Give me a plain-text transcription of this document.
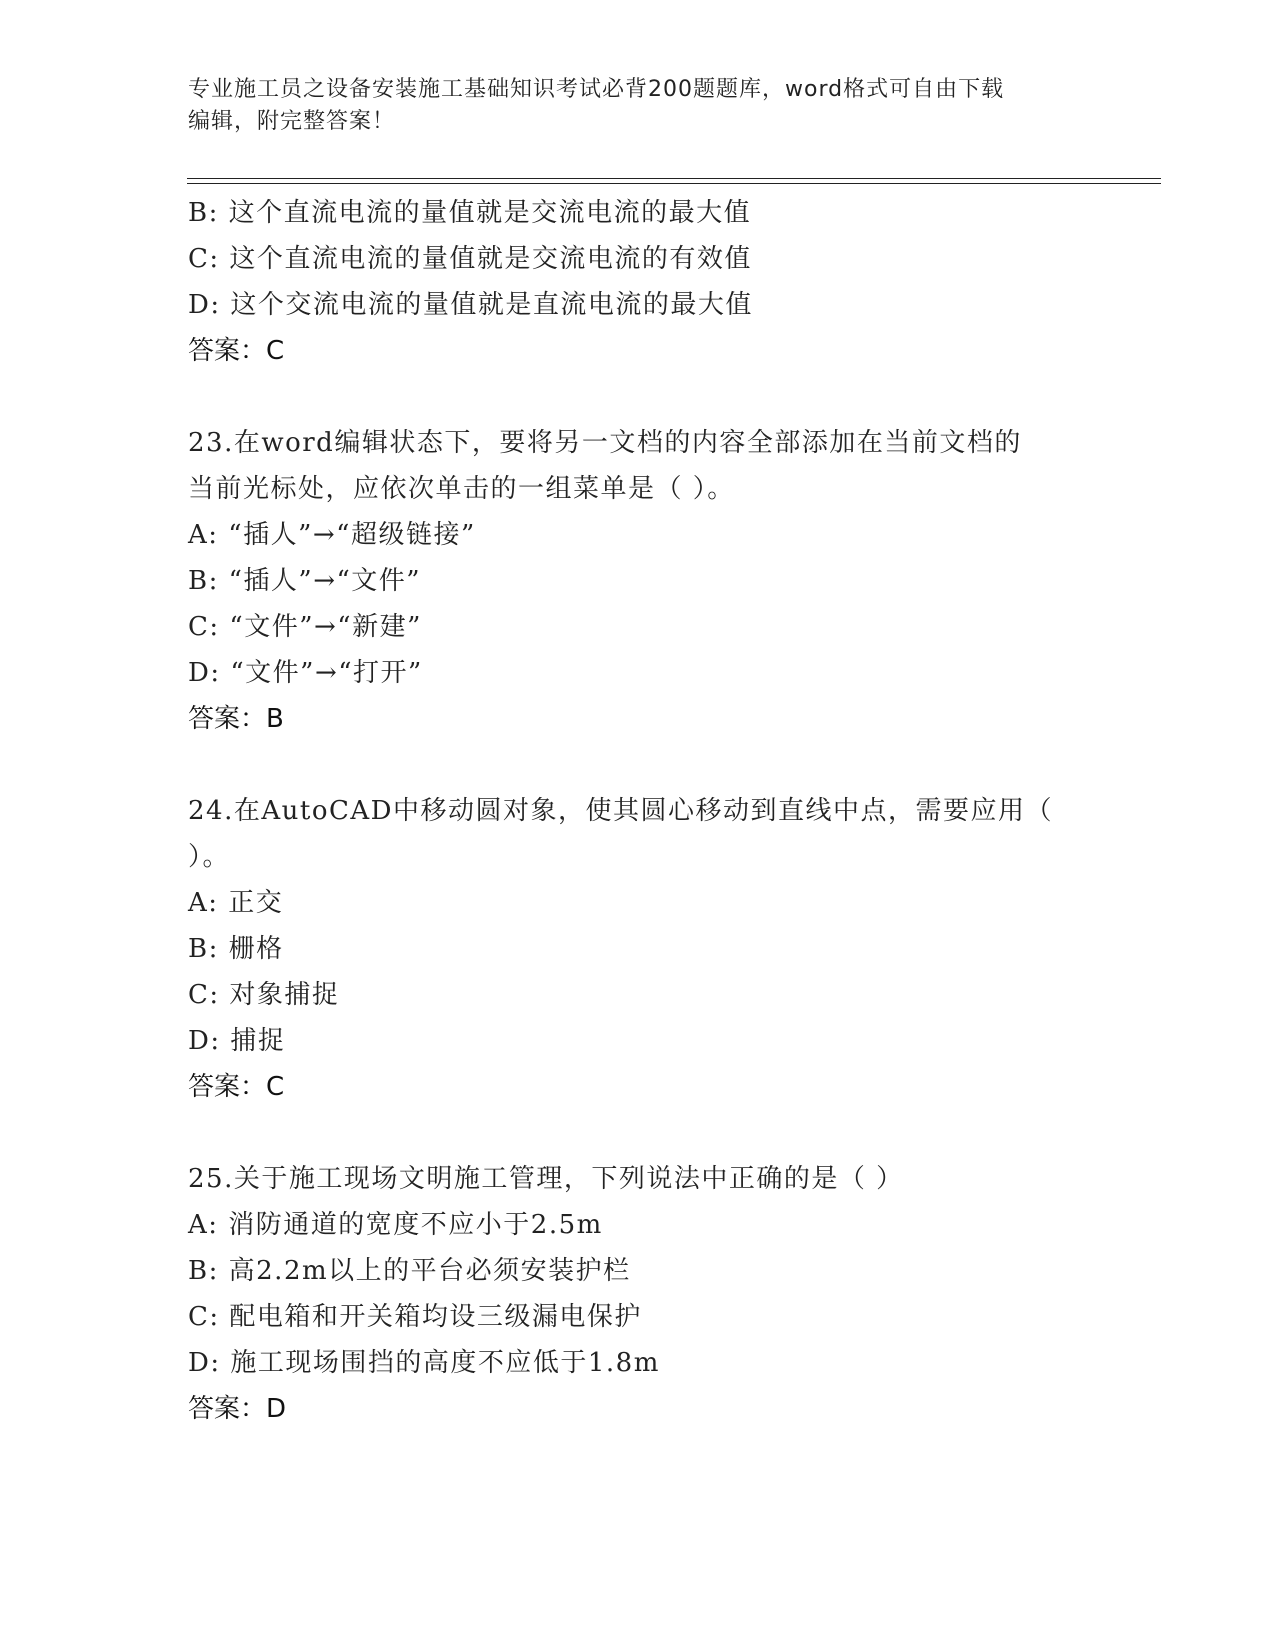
专业施工员之设备安装施工基础知识考试必背200题题库，word格式可自由下载
编辑，附完整答案！
B: 这个直流电流的量值就是交流电流的最大值
C: 这个直流电流的量值就是交流电流的有效值
D: 这个交流电流的量值就是直流电流的最大值
答案：C
23.在word编辑状态下，要将另一文档的内容全部添加在当前文档的
当前光标处，应依次单击的一组菜单是（ ）。
A: “插人”→“超级链接”
B: “插人”→“文件”
C: “文件”→“新建”
D: “文件”→“打开”
答案：B
24.在AutoCAD中移动圆对象，使其圆心移动到直线中点，需要应用（
）。
A: 正交
B: 栅格
C: 对象捕捉
D: 捕捉
答案：C
25.关于施工现场文明施工管理，下列说法中正确的是（ ）
A: 消防通道的宽度不应小于2.5m
B: 高2.2m以上的平台必须安装护栏
C: 配电箱和开关箱均设三级漏电保护
D: 施工现场围挡的高度不应低于1.8m
答案：D
